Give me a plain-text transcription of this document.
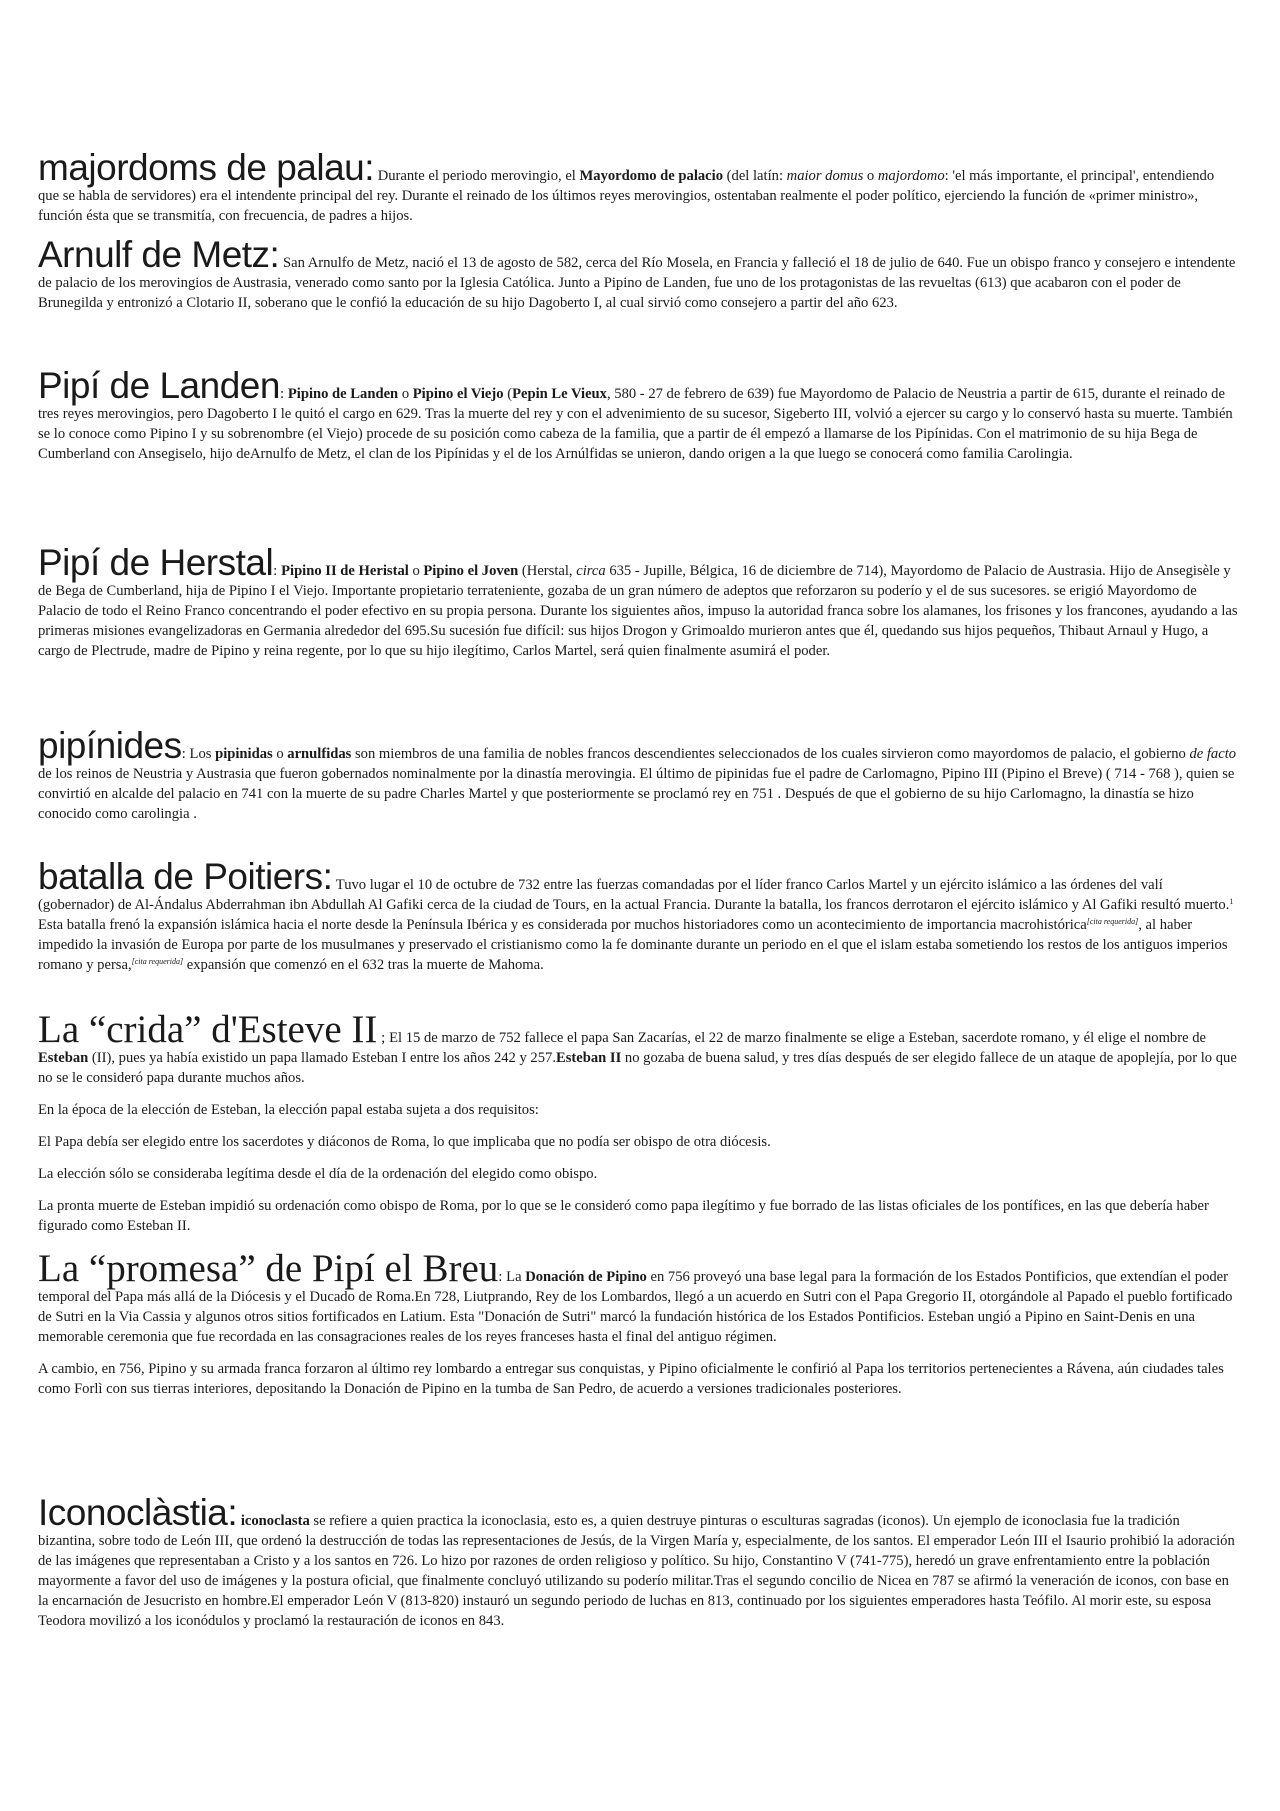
majordoms de palau: Durante el periodo merovingio, el Mayordomo de palacio (del latín: maior domus o majordomo: 'el más importante, el principal', entendiendo que se habla de servidores) era el intendente principal del rey. Durante el reinado de los últimos reyes merovingios, ostentaban realmente el poder político, ejerciendo la función de «primer ministro», función ésta que se transmitía, con frecuencia, de padres a hijos.

Arnulf de Metz: San Arnulfo de Metz, nació el 13 de agosto de 582, cerca del Río Mosela, en Francia y falleció el 18 de julio de 640. Fue un obispo franco y consejero e intendente de palacio de los merovingios de Austrasia, venerado como santo por la Iglesia Católica. Junto a Pipino de Landen, fue uno de los protagonistas de las revueltas (613) que acabaron con el poder de Brunegilda y entronizó a Clotario II, soberano que le confió la educación de su hijo Dagoberto I, al cual sirvió como consejero a partir del año 623.

Pipí de Landen: Pipino de Landen o Pipino el Viejo (Pepin Le Vieux, 580 - 27 de febrero de 639) fue Mayordomo de Palacio de Neustria a partir de 615, durante el reinado de tres reyes merovingios, pero Dagoberto I le quitó el cargo en 629. Tras la muerte del rey y con el advenimiento de su sucesor, Sigeberto III, volvió a ejercer su cargo y lo conservó hasta su muerte. También se lo conoce como Pipino I y su sobrenombre (el Viejo) procede de su posición como cabeza de la familia, que a partir de él empezó a llamarse de los Pipínidas. Con el matrimonio de su hija Bega de Cumberland con Ansegiselo, hijo deArnulfo de Metz, el clan de los Pipínidas y el de los Arnúlfidas se unieron, dando origen a la que luego se conocerá como familia Carolingia.

Pipí de Herstal: Pipino II de Heristal o Pipino el Joven (Herstal, circa 635 - Jupille, Bélgica, 16 de diciembre de 714), Mayordomo de Palacio de Austrasia. Hijo de Ansegisèle y de Bega de Cumberland, hija de Pipino I el Viejo. Importante propietario terrateniente, gozaba de un gran número de adeptos que reforzaron su poderío y el de sus sucesores. se erigió Mayordomo de Palacio de todo el Reino Franco concentrando el poder efectivo en su propia persona. Durante los siguientes años, impuso la autoridad franca sobre los alamanes, los frisones y los francones, ayudando a las primeras misiones evangelizadoras en Germania alrededor del 695.Su sucesión fue difícil: sus hijos Drogon y Grimoaldo murieron antes que él, quedando sus hijos pequeños, Thibaut Arnaul y Hugo, a cargo de Plectrude, madre de Pipino y reina regente, por lo que su hijo ilegítimo, Carlos Martel, será quien finalmente asumirá el poder.

pipínides: Los pipinidas o arnulfidas son miembros de una familia de nobles francos descendientes seleccionados de los cuales sirvieron como mayordomos de palacio, el gobierno de facto de los reinos de Neustria y Austrasia que fueron gobernados nominalmente por la dinastía merovingia. El último de pipinidas fue el padre de Carlomagno, Pipino III (Pipino el Breve) ( 714 - 768 ), quien se convirtió en alcalde del palacio en 741 con la muerte de su padre Charles Martel y que posteriormente se proclamó rey en 751 . Después de que el gobierno de su hijo Carlomagno, la dinastía se hizo conocido como carolingia .

batalla de Poitiers: Tuvo lugar el 10 de octubre de 732 entre las fuerzas comandadas por el líder franco Carlos Martel y un ejército islámico a las órdenes del valí (gobernador) de Al-Ándalus Abderrahman ibn Abdullah Al Gafiki cerca de la ciudad de Tours, en la actual Francia. Durante la batalla, los francos derrotaron el ejército islámico y Al Gafiki resultó muerto.$^1$ Esta batalla frenó la expansión islámica hacia el norte desde la Península Ibérica y es considerada por muchos historiadores como un acontecimiento de importancia macrohistórica[cita requerida], al haber impedido la invasión de Europa por parte de los musulmanes y preservado el cristianismo como la fe dominante durante un periodo en el que el islam estaba sometiendo los restos de los antiguos imperios romano y persa,[cita requerida] expansión que comenzó en el 632 tras la muerte de Mahoma.

La “crida” d'Esteve II ; El 15 de marzo de 752 fallece el papa San Zacarías, el 22 de marzo finalmente se elige a Esteban, sacerdote romano, y él elige el nombre de Esteban (II), pues ya había existido un papa llamado Esteban I entre los años 242 y 257.Esteban II no gozaba de buena salud, y tres días después de ser elegido fallece de un ataque de apoplejía, por lo que no se le consideró papa durante muchos años.

En la época de la elección de Esteban, la elección papal estaba sujeta a dos requisitos:

El Papa debía ser elegido entre los sacerdotes y diáconos de Roma, lo que implicaba que no podía ser obispo de otra diócesis.

La elección sólo se consideraba legítima desde el día de la ordenación del elegido como obispo.

La pronta muerte de Esteban impidió su ordenación como obispo de Roma, por lo que se le consideró como papa ilegítimo y fue borrado de las listas oficiales de los pontífices, en las que debería haber figurado como Esteban II.

La “promesa” de Pipí el Breu: La Donación de Pipino en 756 proveyó una base legal para la formación de los Estados Pontificios, que extendían el poder temporal del Papa más allá de la Diócesis y el Ducado de Roma.En 728, Liutprando, Rey de los Lombardos, llegó a un acuerdo en Sutri con el Papa Gregorio II, otorgándole al Papado el pueblo fortificado de Sutri en la Via Cassia y algunos otros sitios fortificados en Latium. Esta "Donación de Sutri" marcó la fundación histórica de los Estados Pontificios. Esteban ungió a Pipino en Saint-Denis en una memorable ceremonia que fue recordada en las consagraciones reales de los reyes franceses hasta el final del antiguo régimen.

A cambio, en 756, Pipino y su armada franca forzaron al último rey lombardo a entregar sus conquistas, y Pipino oficialmente le confirió al Papa los territorios pertenecientes a Rávena, aún ciudades tales como Forlì con sus tierras interiores, depositando la Donación de Pipino en la tumba de San Pedro, de acuerdo a versiones tradicionales posteriores.

Iconoclàstia: iconoclasta se refiere a quien practica la iconoclasia, esto es, a quien destruye pinturas o esculturas sagradas (iconos). Un ejemplo de iconoclasia fue la tradición bizantina, sobre todo de León III, que ordenó la destrucción de todas las representaciones de Jesús, de la Virgen María y, especialmente, de los santos. El emperador León III el Isaurio prohibió la adoración de las imágenes que representaban a Cristo y a los santos en 726. Lo hizo por razones de orden religioso y político. Su hijo, Constantino V (741-775), heredó un grave enfrentamiento entre la población mayormente a favor del uso de imágenes y la postura oficial, que finalmente concluyó utilizando su poderío militar.Tras el segundo concilio de Nicea en 787 se afirmó la veneración de iconos, con base en la encarnación de Jesucristo en hombre.El emperador León V (813-820) instauró un segundo periodo de luchas en 813, continuado por los siguientes emperadores hasta Teófilo. Al morir este, su esposa Teodora movilizó a los iconódulos y proclamó la restauración de iconos en 843.
